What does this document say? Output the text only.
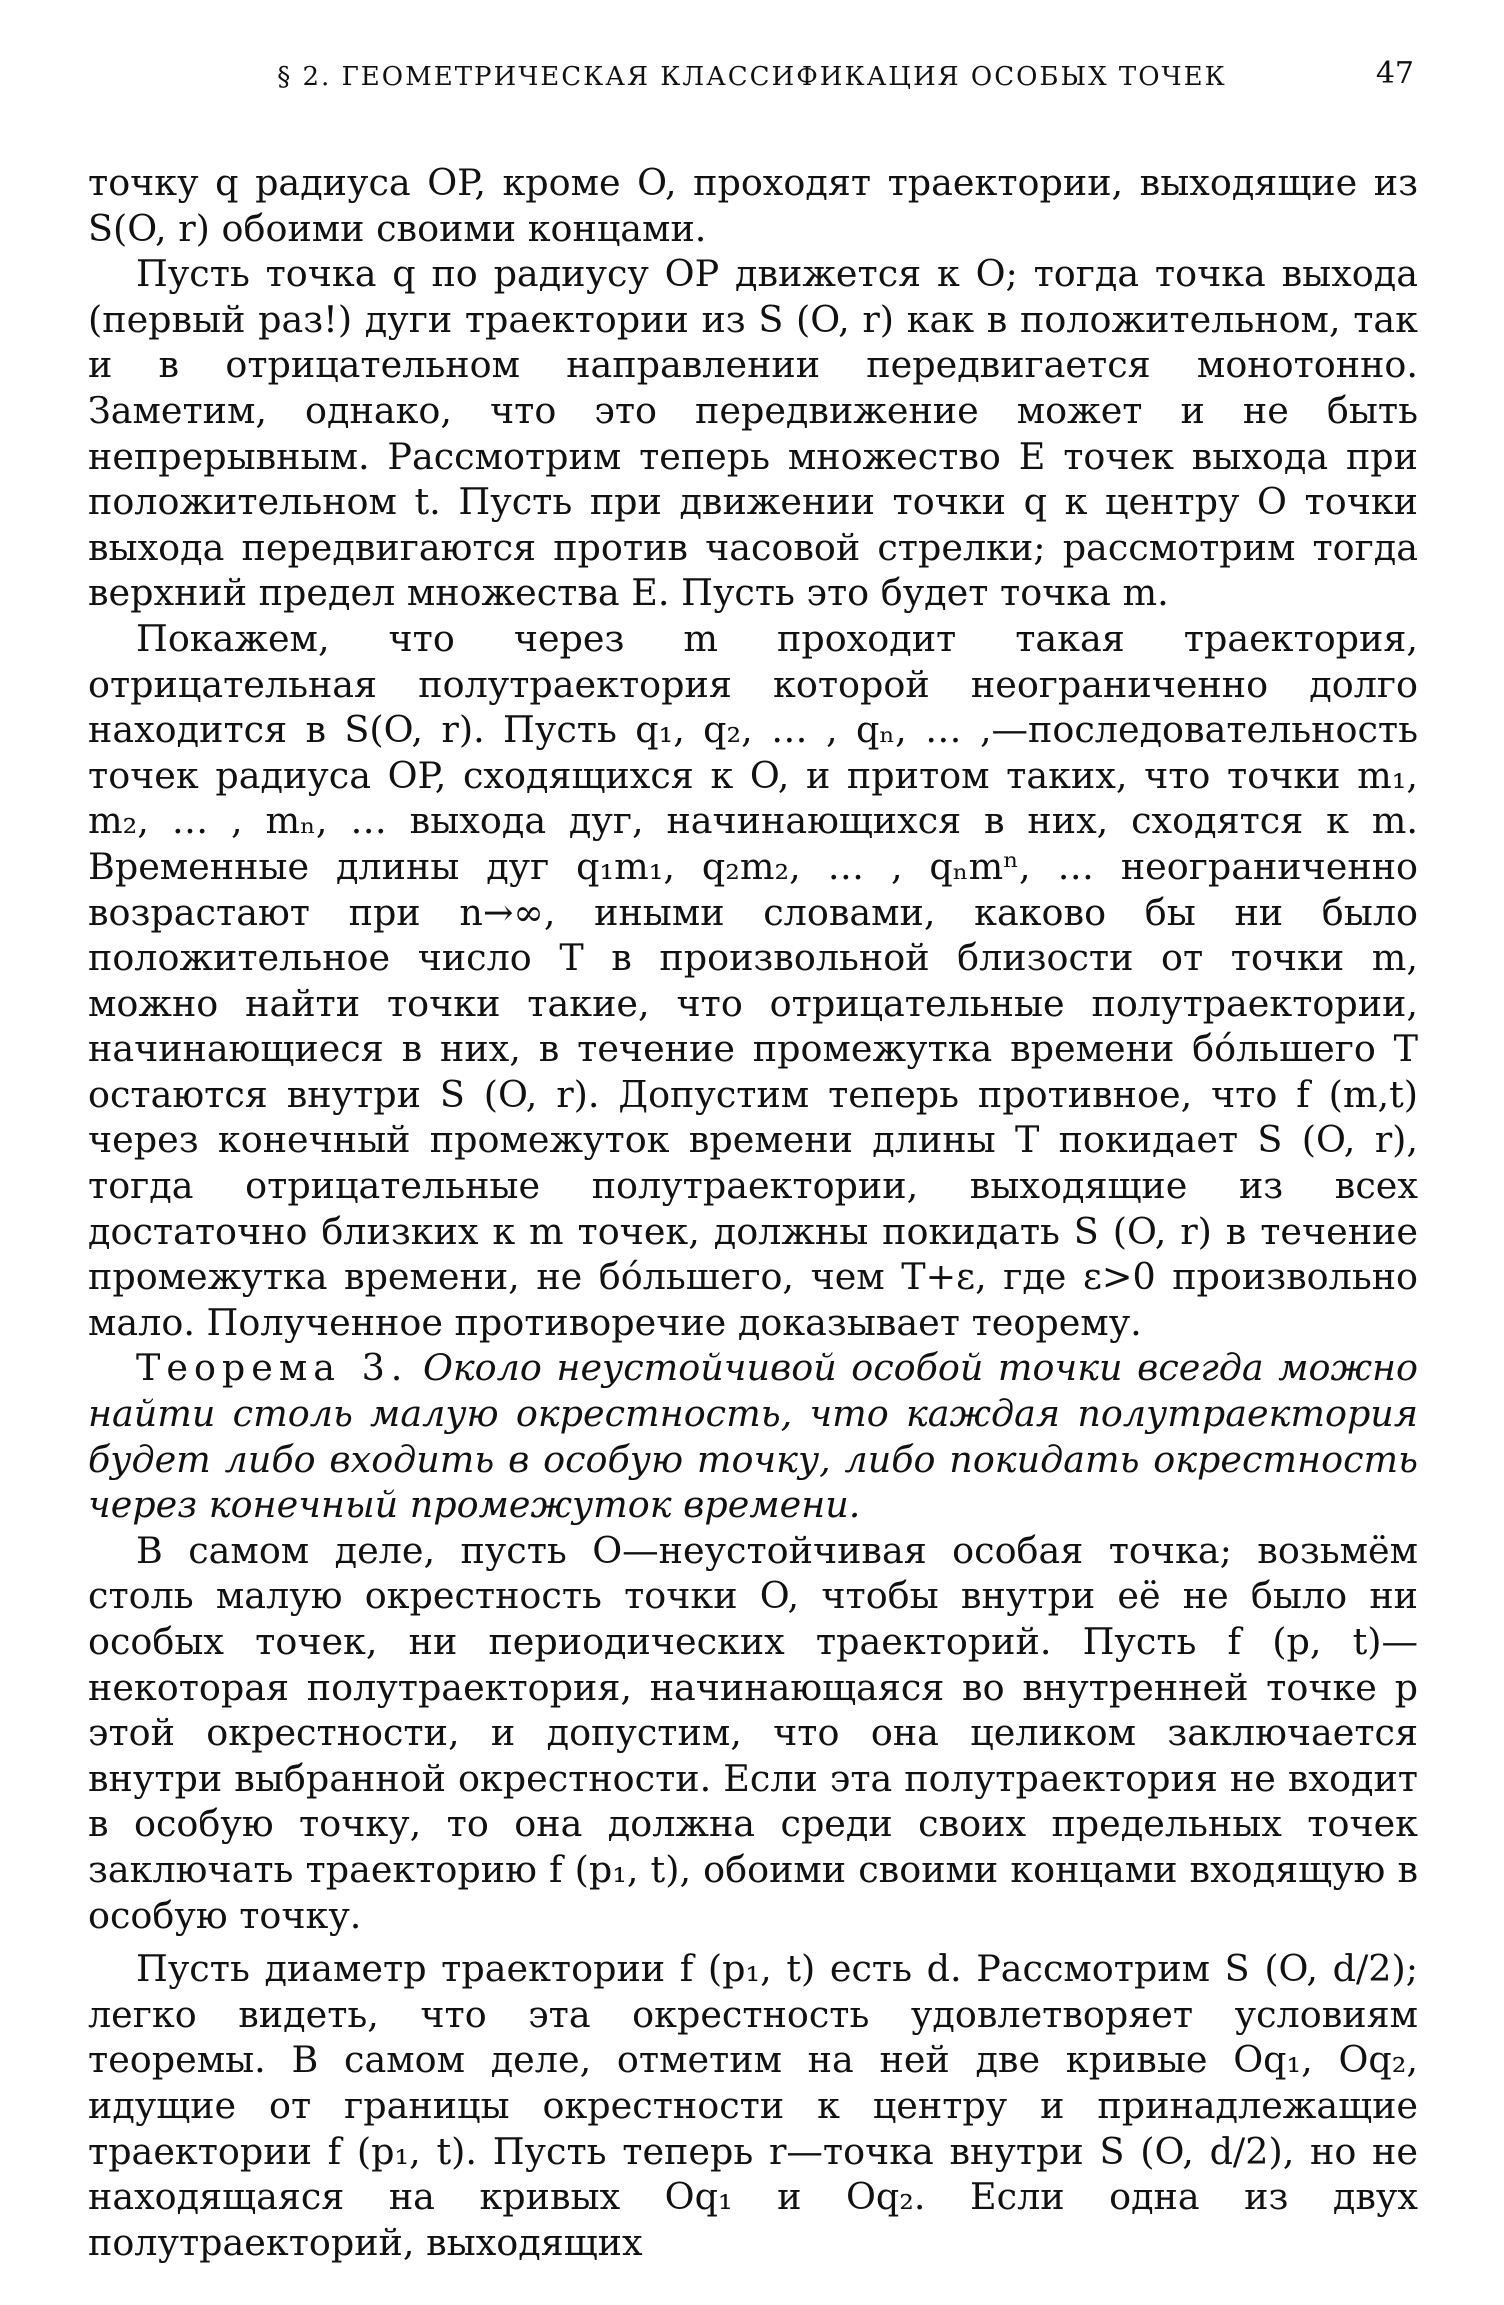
§ 2. ГЕОМЕТРИЧЕСКАЯ КЛАССИФИКАЦИЯ ОСОБЫХ ТОЧЕК	47

точку q радиуса OP, кроме O, проходят траектории, выходящие из S(O, r) обоими своими концами.

Пусть точка q по радиусу OP движется к O; тогда точка выхода (первый раз!) дуги траектории из S (O, r) как в положительном, так и в отрицательном направлении передвигается монотонно. Заметим, однако, что это передвижение может и не быть непрерывным. Рассмотрим теперь множество E точек выхода при положительном t. Пусть при движении точки q к центру O точки выхода передвигаются против часовой стрелки; рассмотрим тогда верхний предел множества E. Пусть это будет точка m.

Покажем, что через m проходит такая траектория, отрицательная полутраектория которой неограниченно долго находится в S(O, r). Пусть q₁, q₂, … , qₙ, … ,—последовательность точек радиуса OP, сходящихся к O, и притом таких, что точки m₁, m₂, … , mₙ, … выхода дуг, начинающихся в них, сходятся к m. Временные длины дуг q₁m₁, q₂m₂, … , qₙmⁿ, … неограниченно возрастают при n→∞, иными словами, каково бы ни было положительное число T в произвольной близости от точки m, можно найти точки такие, что отрицательные полутраектории, начинающиеся в них, в течение промежутка времени бо́льшего T остаются внутри S (O, r). Допустим теперь противное, что f (m,t) через конечный промежуток времени длины T покидает S (O, r), тогда отрицательные полутраектории, выходящие из всех достаточно близких к m точек, должны покидать S (O, r) в течение промежутка времени, не бо́льшего, чем T+ε, где ε>0 произвольно мало. Полученное противоречие доказывает теорему.

Теорема 3. Около неустойчивой особой точки всегда можно найти столь малую окрестность, что каждая полутраектория будет либо входить в особую точку, либо покидать окрестность через конечный промежуток времени.

В самом деле, пусть O—неустойчивая особая точка; возьмём столь малую окрестность точки O, чтобы внутри её не было ни особых точек, ни периодических траекторий. Пусть f (p, t)—некоторая полутраектория, начинающаяся во внутренней точке p этой окрестности, и допустим, что она целиком заключается внутри выбранной окрестности. Если эта полутраектория не входит в особую точку, то она должна среди своих предельных точек заключать траекторию f (p₁, t), обоими своими концами входящую в особую точку.

Пусть диаметр траектории f (p₁, t) есть d. Рассмотрим S (O, d/2); легко видеть, что эта окрестность удовлетворяет условиям теоремы. В самом деле, отметим на ней две кривые Oq₁, Oq₂, идущие от границы окрестности к центру и принадлежащие траектории f (p₁, t). Пусть теперь r—точка внутри S (O, d/2), но не находящаяся на кривых Oq₁ и Oq₂. Если одна из двух полутраекторий, выходящих
